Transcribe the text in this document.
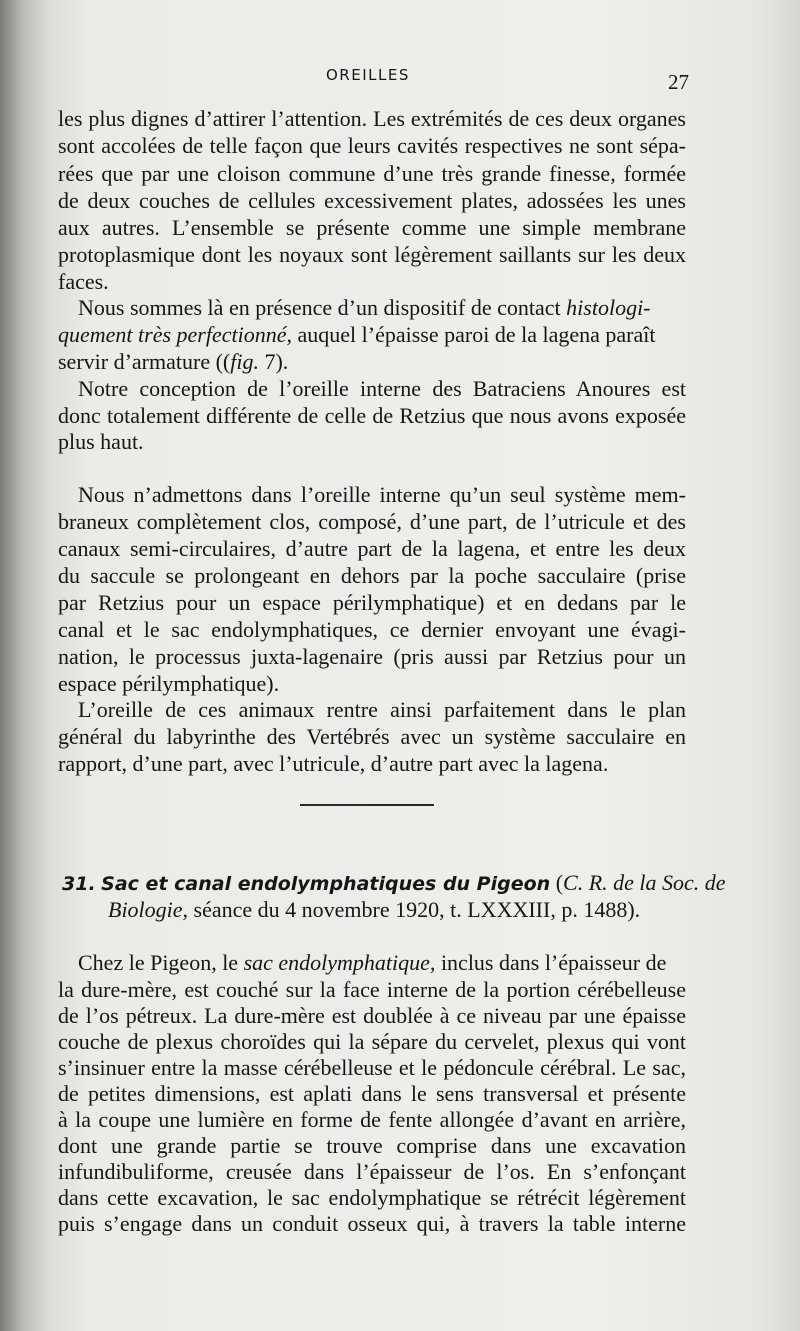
OREILLES	27
les plus dignes d’attirer l’attention. Les extrémités de ces deux organes
sont accolées de telle façon que leurs cavités respectives ne sont sépa-
rées que par une cloison commune d’une très grande finesse, formée
de deux couches de cellules excessivement plates, adossées les unes
aux autres. L’ensemble se présente comme une simple membrane
protoplasmique dont les noyaux sont légèrement saillants sur les deux
faces.
Nous sommes là en présence d’un dispositif de contact histologi-
quement très perfectionné, auquel l’épaisse paroi de la lagena paraît
servir d’armature ((fig. 7).
Notre conception de l’oreille interne des Batraciens Anoures est
donc totalement différente de celle de Retzius que nous avons exposée
plus haut.
Nous n’admettons dans l’oreille interne qu’un seul système mem-
braneux complètement clos, composé, d’une part, de l’utricule et des
canaux semi-circulaires, d’autre part de la lagena, et entre les deux
du saccule se prolongeant en dehors par la poche sacculaire (prise
par Retzius pour un espace périlymphatique) et en dedans par le
canal et le sac endolymphatiques, ce dernier envoyant une évagi-
nation, le processus juxta-lagenaire (pris aussi par Retzius pour un
espace périlymphatique).
L’oreille de ces animaux rentre ainsi parfaitement dans le plan
général du labyrinthe des Vertébrés avec un système sacculaire en
rapport, d’une part, avec l’utricule, d’autre part avec la lagena.
31. Sac et canal endolymphatiques du Pigeon (C. R. de la Soc. de
Biologie, séance du 4 novembre 1920, t. LXXXIII, p. 1488).
Chez le Pigeon, le sac endolymphatique, inclus dans l’épaisseur de
la dure-mère, est couché sur la face interne de la portion cérébelleuse
de l’os pétreux. La dure-mère est doublée à ce niveau par une épaisse
couche de plexus choroïdes qui la sépare du cervelet, plexus qui vont
s’insinuer entre la masse cérébelleuse et le pédoncule cérébral. Le sac,
de petites dimensions, est aplati dans le sens transversal et présente
à la coupe une lumière en forme de fente allongée d’avant en arrière,
dont une grande partie se trouve comprise dans une excavation
infundibuliforme, creusée dans l’épaisseur de l’os. En s’enfonçant
dans cette excavation, le sac endolymphatique se rétrécit légèrement
puis s’engage dans un conduit osseux qui, à travers la table interne
